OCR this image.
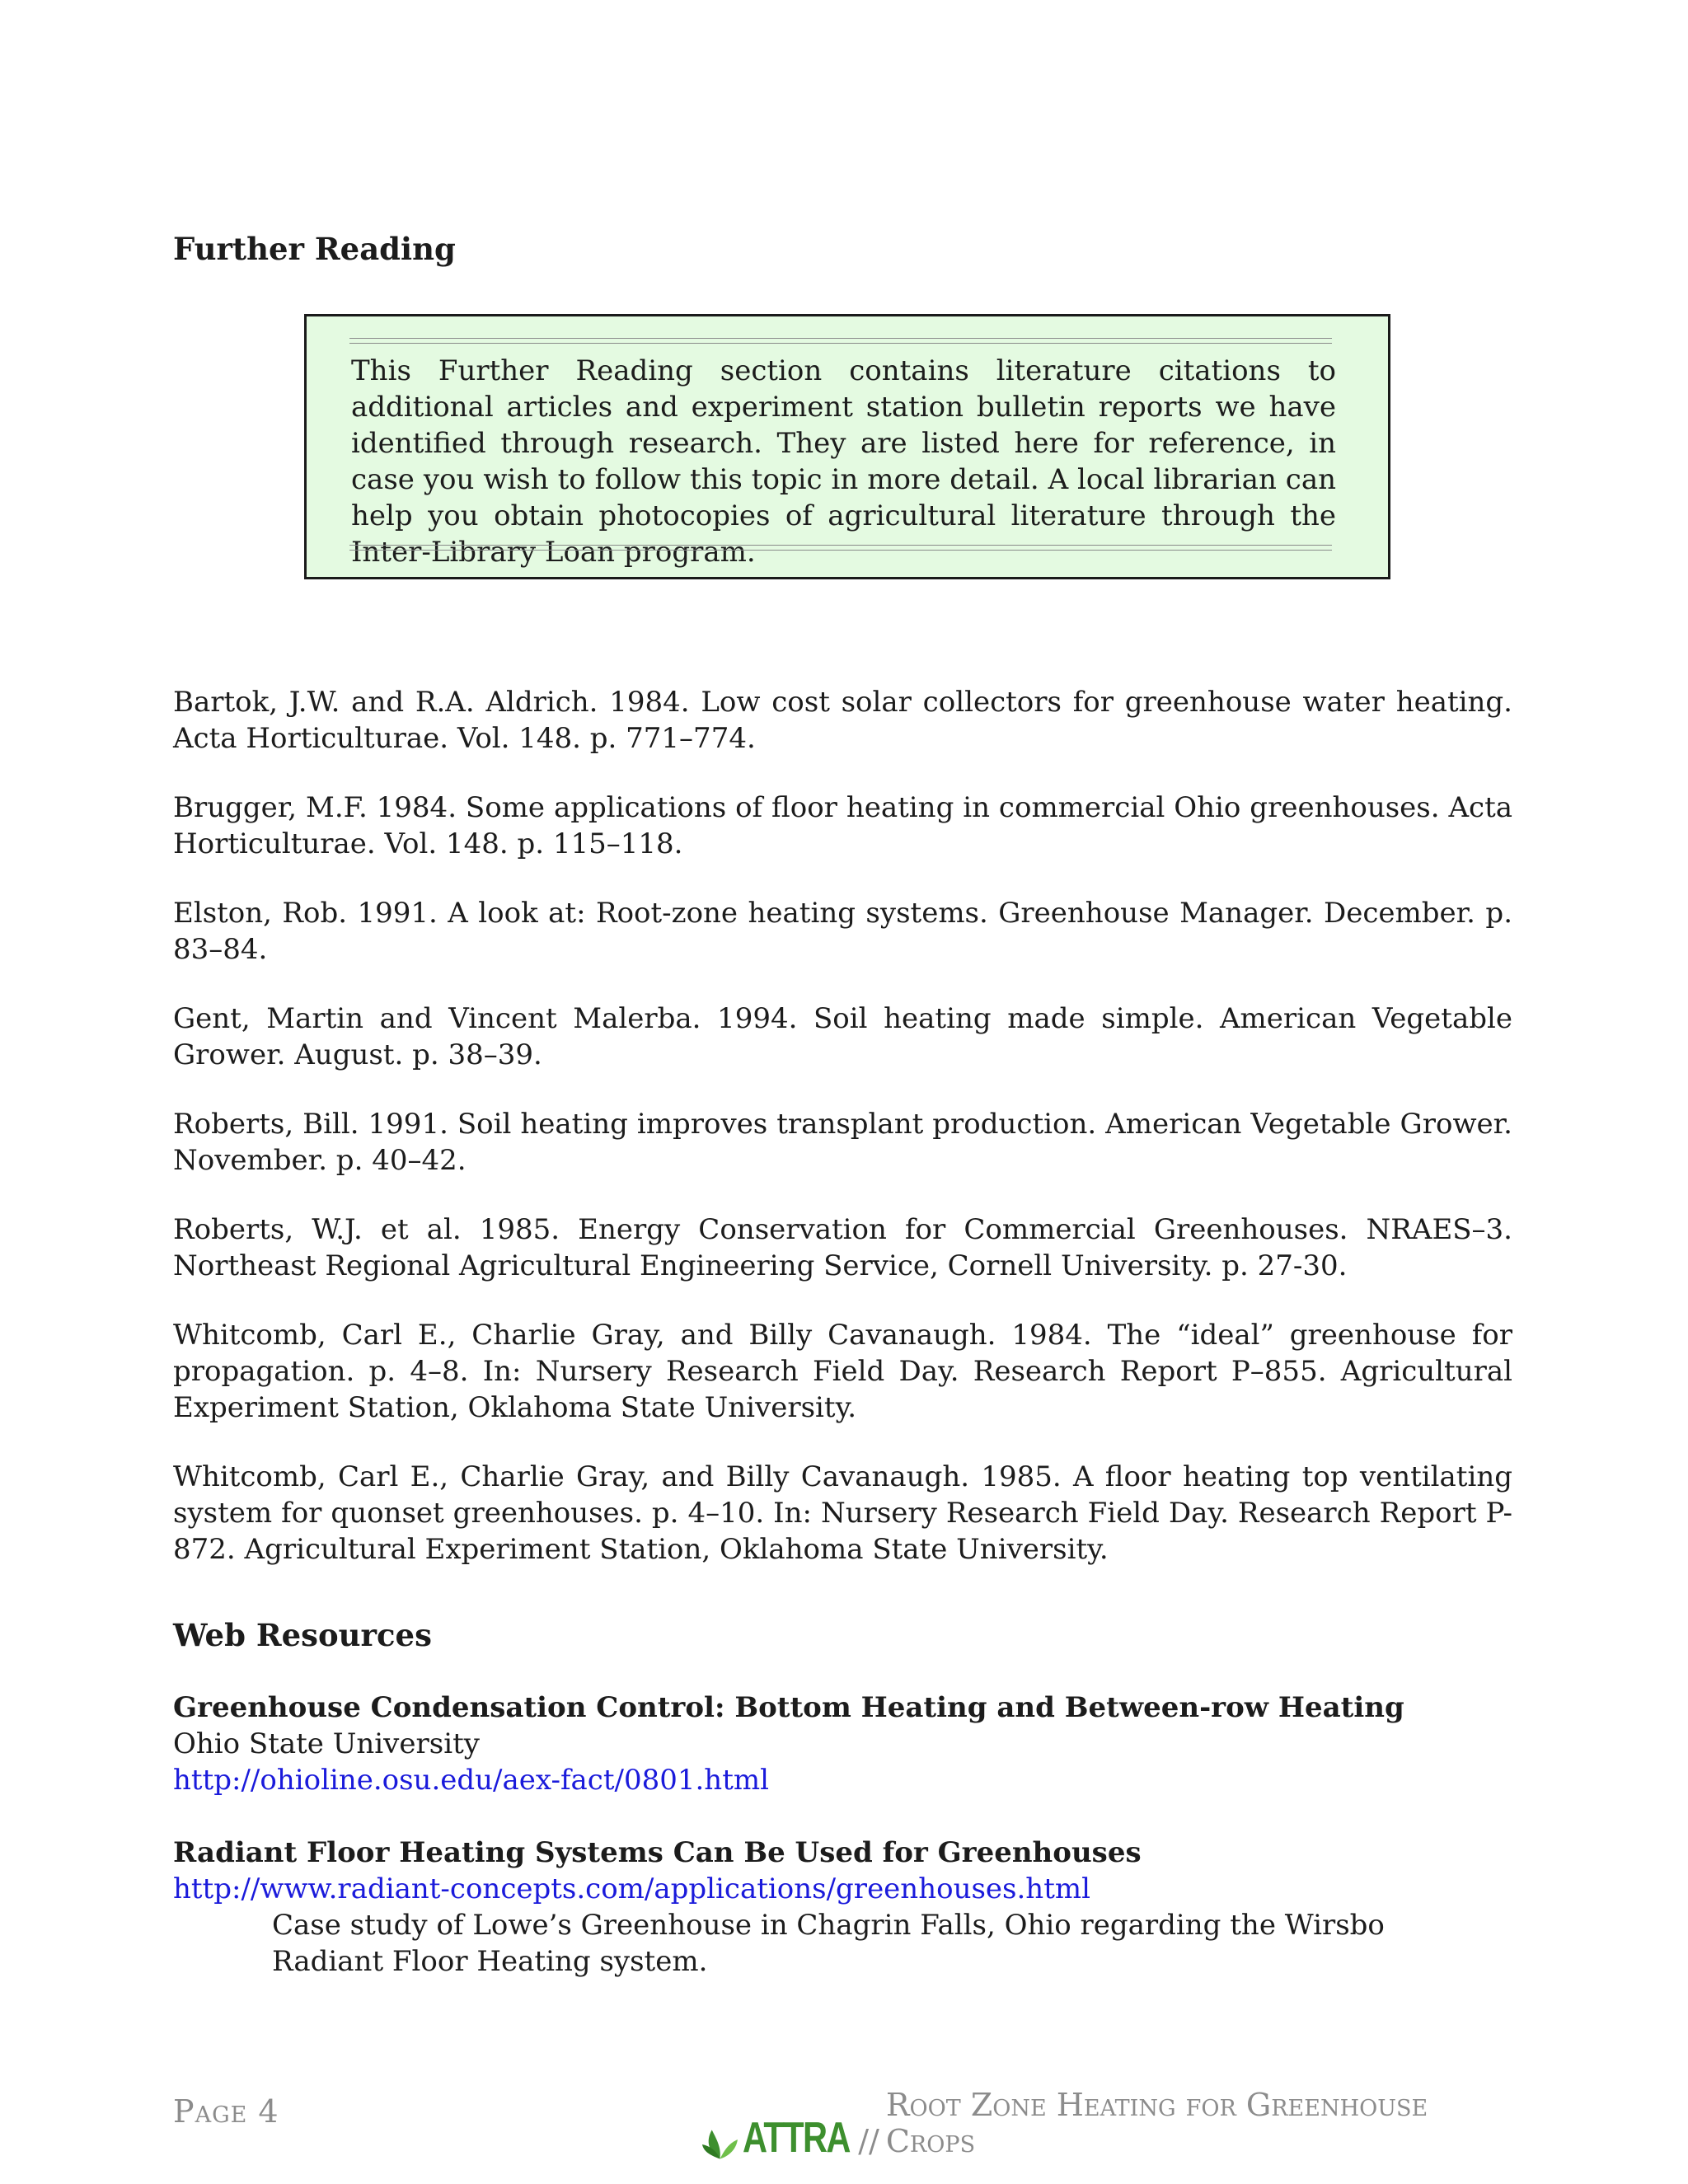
Further Reading

This Further Reading section contains literature citations to additional articles and experiment station bulletin reports we have identified through research. They are listed here for reference, in case you wish to follow this topic in more detail. A local librarian can help you obtain photocopies of agricultural literature through the Inter-Library Loan program.

Bartok, J.W. and R.A. Aldrich. 1984. Low cost solar collectors for greenhouse water heating. Acta Horticulturae. Vol. 148. p. 771–774.
Brugger, M.F. 1984. Some applications of floor heating in commercial Ohio greenhouses. Acta Horticulturae. Vol. 148. p. 115–118.
Elston, Rob. 1991. A look at: Root-zone heating systems. Greenhouse Manager. December. p. 83–84.
Gent, Martin and Vincent Malerba. 1994. Soil heating made simple. American Vegetable Grower. August. p. 38–39.
Roberts, Bill. 1991. Soil heating improves transplant production. American Vegetable Grower. November. p. 40–42.
Roberts, W.J. et al. 1985. Energy Conservation for Commercial Greenhouses. NRAES–3. Northeast Regional Agricultural Engineering Service, Cornell University. p. 27-30.
Whitcomb, Carl E., Charlie Gray, and Billy Cavanaugh. 1984. The “ideal” greenhouse for propagation. p. 4–8. In: Nursery Research Field Day. Research Report P–855. Agricultural Experiment Station, Oklahoma State University.
Whitcomb, Carl E., Charlie Gray, and Billy Cavanaugh. 1985. A floor heating top ventilating system for quonset greenhouses. p. 4–10. In: Nursery Research Field Day. Research Report P-872. Agricultural Experiment Station, Oklahoma State University.
Web Resources
Greenhouse Condensation Control: Bottom Heating and Between-row Heating
Ohio State University
http://ohioline.osu.edu/aex-fact/0801.html
Radiant Floor Heating Systems Can Be Used for Greenhouses
http://www.radiant-concepts.com/applications/greenhouses.html
Case study of Lowe’s Greenhouse in Chagrin Falls, Ohio regarding the Wirsbo Radiant Floor Heating system.
Page 4
ATTRA //
Root Zone Heating for Greenhouse Crops
